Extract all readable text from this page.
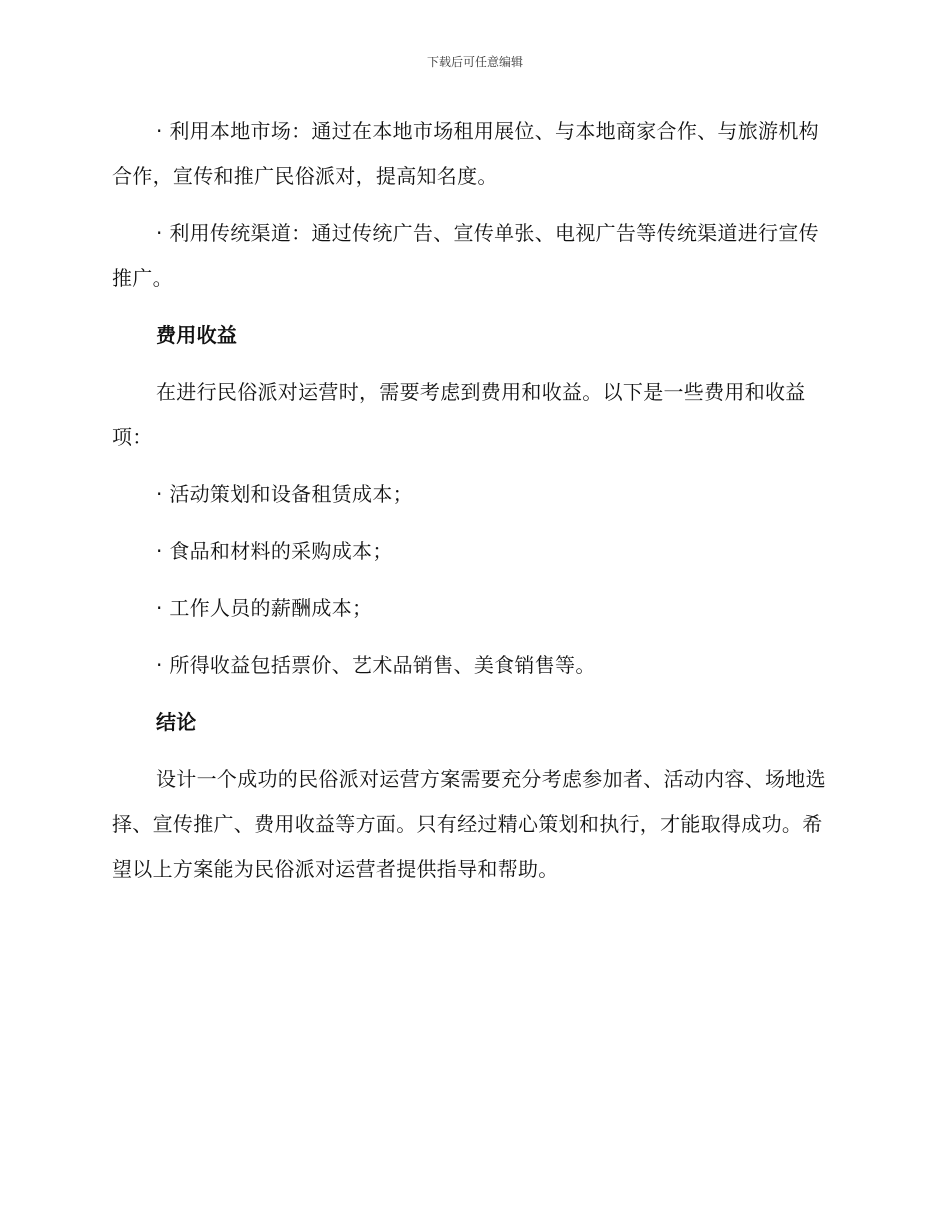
下载后可任意编辑

· 利用本地市场：通过在本地市场租用展位、与本地商家合作、与旅游机构合作，宣传和推广民俗派对，提高知名度。

· 利用传统渠道：通过传统广告、宣传单张、电视广告等传统渠道进行宣传推广。

费用收益

在进行民俗派对运营时，需要考虑到费用和收益。以下是一些费用和收益项：

· 活动策划和设备租赁成本；

· 食品和材料的采购成本；

· 工作人员的薪酬成本；

· 所得收益包括票价、艺术品销售、美食销售等。

结论

设计一个成功的民俗派对运营方案需要充分考虑参加者、活动内容、场地选择、宣传推广、费用收益等方面。只有经过精心策划和执行，才能取得成功。希望以上方案能为民俗派对运营者提供指导和帮助。
